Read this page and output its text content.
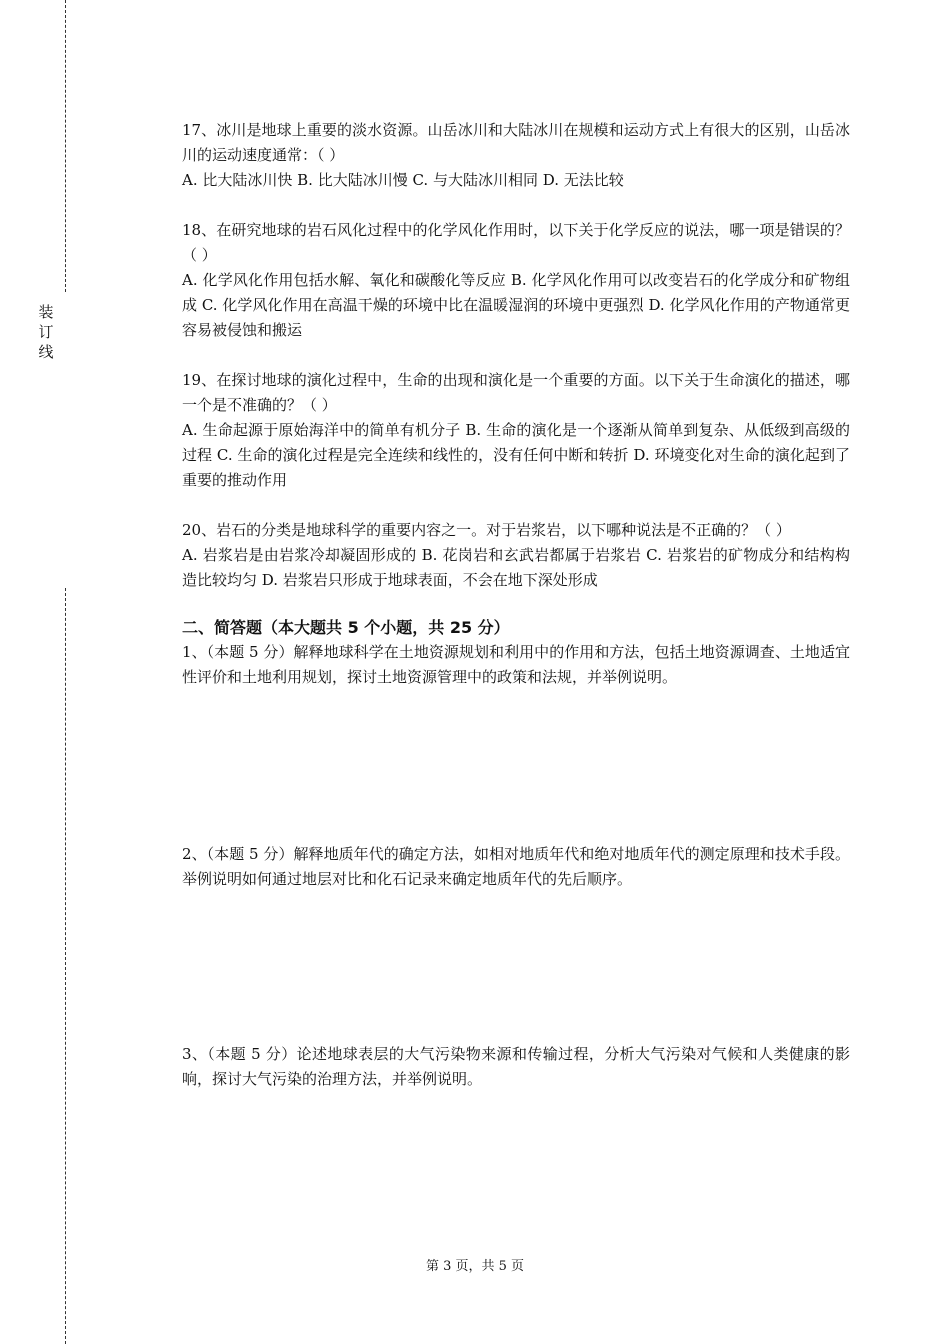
装
订
线

17、冰川是地球上重要的淡水资源。山岳冰川和大陆冰川在规模和运动方式上有很大的区别，山岳冰川的运动速度通常：（ ）

A. 比大陆冰川快 B. 比大陆冰川慢 C. 与大陆冰川相同 D. 无法比较

18、在研究地球的岩石风化过程中的化学风化作用时，以下关于化学反应的说法，哪一项是错误的？（ ）

A. 化学风化作用包括水解、氧化和碳酸化等反应 B. 化学风化作用可以改变岩石的化学成分和矿物组成 C. 化学风化作用在高温干燥的环境中比在温暖湿润的环境中更强烈 D. 化学风化作用的产物通常更容易被侵蚀和搬运

19、在探讨地球的演化过程中，生命的出现和演化是一个重要的方面。以下关于生命演化的描述，哪一个是不准确的？（ ）

A. 生命起源于原始海洋中的简单有机分子 B. 生命的演化是一个逐渐从简单到复杂、从低级到高级的过程 C. 生命的演化过程是完全连续和线性的，没有任何中断和转折 D. 环境变化对生命的演化起到了重要的推动作用

20、岩石的分类是地球科学的重要内容之一。对于岩浆岩，以下哪种说法是不正确的？（ ）

A. 岩浆岩是由岩浆冷却凝固形成的 B. 花岗岩和玄武岩都属于岩浆岩 C. 岩浆岩的矿物成分和结构构造比较均匀 D. 岩浆岩只形成于地球表面，不会在地下深处形成

二、简答题（本大题共 5 个小题，共 25 分）

1、（本题 5 分）解释地球科学在土地资源规划和利用中的作用和方法，包括土地资源调查、土地适宜性评价和土地利用规划，探讨土地资源管理中的政策和法规，并举例说明。

2、（本题 5 分）解释地质年代的确定方法，如相对地质年代和绝对地质年代的测定原理和技术手段。举例说明如何通过地层对比和化石记录来确定地质年代的先后顺序。

3、（本题 5 分）论述地球表层的大气污染物来源和传输过程，分析大气污染对气候和人类健康的影响，探讨大气污染的治理方法，并举例说明。

第 3 页，共 5 页
